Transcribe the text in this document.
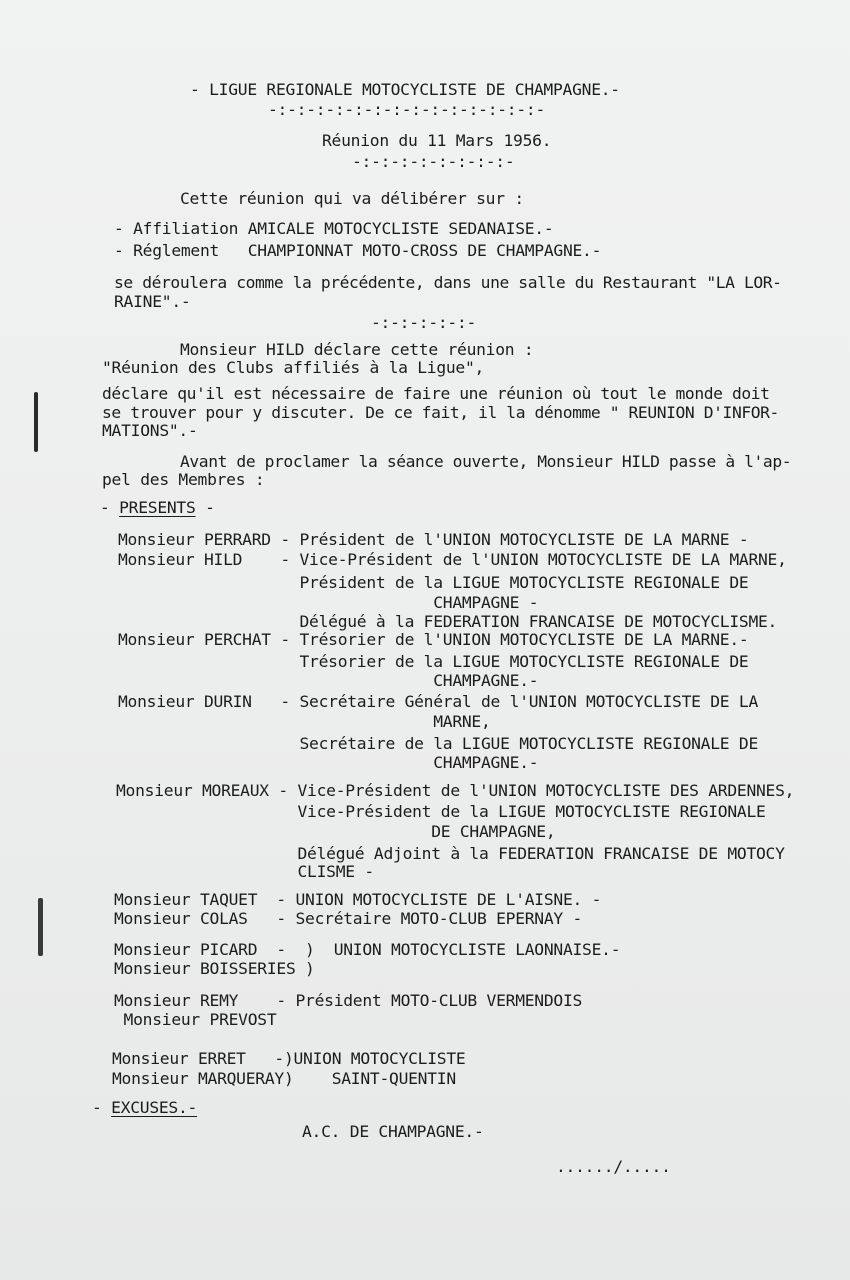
- LIGUE REGIONALE MOTOCYCLISTE DE CHAMPAGNE.-
-:-:-:-:-:-:-:-:-:-:-:-:-:-:-
Réunion du 11 Mars 1956.
-:-:-:-:-:-:-:-:-
Cette réunion qui va délibérer sur :
- Affiliation AMICALE MOTOCYCLISTE SEDANAISE.-
- Réglement   CHAMPIONNAT MOTO-CROSS DE CHAMPAGNE.-
se déroulera comme la précédente, dans une salle du Restaurant "LA LOR-
RAINE".-
-:-:-:-:-:-
Monsieur HILD déclare cette réunion :
"Réunion des Clubs affiliés à la Ligue",
déclare qu'il est nécessaire de faire une réunion où tout le monde doit
se trouver pour y discuter. De ce fait, il la dénomme " REUNION D'INFOR-
MATIONS".-
Avant de proclamer la séance ouverte, Monsieur HILD passe à l'ap-
pel des Membres :
- PRESENTS -
Monsieur PERRARD - Président de l'UNION MOTOCYCLISTE DE LA MARNE -
Monsieur HILD    - Vice-Président de l'UNION MOTOCYCLISTE DE LA MARNE,
Président de la LIGUE MOTOCYCLISTE REGIONALE DE
CHAMPAGNE -
Délégué à la FEDERATION FRANCAISE DE MOTOCYCLISME.
Monsieur PERCHAT - Trésorier de l'UNION MOTOCYCLISTE DE LA MARNE.-
Trésorier de la LIGUE MOTOCYCLISTE REGIONALE DE
CHAMPAGNE.-
Monsieur DURIN   - Secrétaire Général de l'UNION MOTOCYCLISTE DE LA
MARNE,
Secrétaire de la LIGUE MOTOCYCLISTE REGIONALE DE
CHAMPAGNE.-
Monsieur MOREAUX - Vice-Président de l'UNION MOTOCYCLISTE DES ARDENNES,
Vice-Président de la LIGUE MOTOCYCLISTE REGIONALE
DE CHAMPAGNE,
Délégué Adjoint à la FEDERATION FRANCAISE DE MOTOCY
CLISME -
Monsieur TAQUET  - UNION MOTOCYCLISTE DE L'AISNE. -
Monsieur COLAS   - Secrétaire MOTO-CLUB EPERNAY -
Monsieur PICARD  -  )  UNION MOTOCYCLISTE LAONNAISE.-
Monsieur BOISSERIES )
Monsieur REMY    - Président MOTO-CLUB VERMENDOIS
Monsieur PREVOST
Monsieur ERRET   -)UNION MOTOCYCLISTE
Monsieur MARQUERAY)    SAINT-QUENTIN
- EXCUSES.-
A.C. DE CHAMPAGNE.-
....../.....
